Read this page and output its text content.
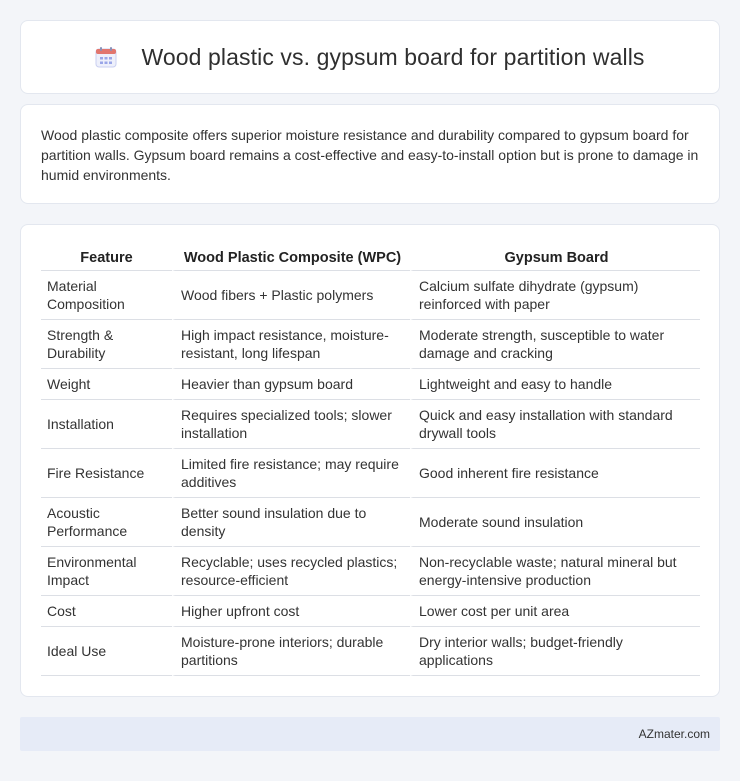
Wood plastic vs. gypsum board for partition walls

Wood plastic composite offers superior moisture resistance and durability compared to gypsum board for partition walls. Gypsum board remains a cost-effective and easy-to-install option but is prone to damage in humid environments.

Feature	Wood Plastic Composite (WPC)	Gypsum Board
Material Composition	Wood fibers + Plastic polymers	Calcium sulfate dihydrate (gypsum) reinforced with paper
Strength & Durability	High impact resistance, moisture-resistant, long lifespan	Moderate strength, susceptible to water damage and cracking
Weight	Heavier than gypsum board	Lightweight and easy to handle
Installation	Requires specialized tools; slower installation	Quick and easy installation with standard drywall tools
Fire Resistance	Limited fire resistance; may require additives	Good inherent fire resistance
Acoustic Performance	Better sound insulation due to density	Moderate sound insulation
Environmental Impact	Recyclable; uses recycled plastics; resource-efficient	Non-recyclable waste; natural mineral but energy-intensive production
Cost	Higher upfront cost	Lower cost per unit area
Ideal Use	Moisture-prone interiors; durable partitions	Dry interior walls; budget-friendly applications
AZmater.com
